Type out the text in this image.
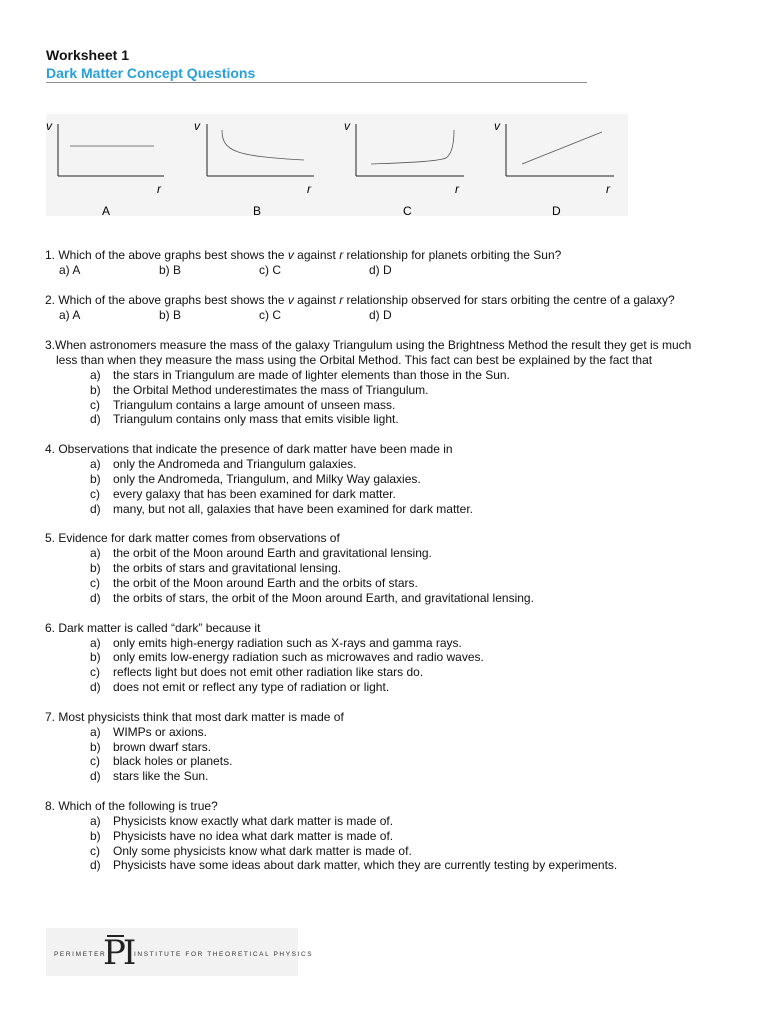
Worksheet 1
Dark Matter Concept Questions
v
r
A
v
r
B
v
r
C
v
r
D
1. Which of the above graphs best shows the v against r relationship for planets orbiting the Sun?
a) A	b) B	c) C	d) D
2. Which of the above graphs best shows the v against r relationship observed for stars orbiting the centre of a galaxy?
a) A	b) B	c) C	d) D
3.When astronomers measure the mass of the galaxy Triangulum using the Brightness Method the result they get is much
less than when they measure the mass using the Orbital Method. This fact can best be explained by the fact that
a)	the stars in Triangulum are made of lighter elements than those in the Sun.
b)	the Orbital Method underestimates the mass of Triangulum.
c)	Triangulum contains a large amount of unseen mass.
d)	Triangulum contains only mass that emits visible light.
4. Observations that indicate the presence of dark matter have been made in
a)	only the Andromeda and Triangulum galaxies.
b)	only the Andromeda, Triangulum, and Milky Way galaxies.
c)	every galaxy that has been examined for dark matter.
d)	many, but not all, galaxies that have been examined for dark matter.
5. Evidence for dark matter comes from observations of
a)	the orbit of the Moon around Earth and gravitational lensing.
b)	the orbits of stars and gravitational lensing.
c)	the orbit of the Moon around Earth and the orbits of stars.
d)	the orbits of stars, the orbit of the Moon around Earth, and gravitational lensing.
6. Dark matter is called “dark” because it
a)	only emits high-energy radiation such as X-rays and gamma rays.
b)	only emits low-energy radiation such as microwaves and radio waves.
c)	reflects light but does not emit other radiation like stars do.
d)	does not emit or reflect any type of radiation or light.
7. Most physicists think that most dark matter is made of
a)	WIMPs or axions.
b)	brown dwarf stars.
c)	black holes or planets.
d)	stars like the Sun.
8. Which of the following is true?
a)	Physicists know exactly what dark matter is made of.
b)	Physicists have no idea what dark matter is made of.
c)	Only some physicists know what dark matter is made of.
d)	Physicists have some ideas about dark matter, which they are currently testing by experiments.
PERIMETER
PI INSTITUTE FOR THEORETICAL PHYSICS
